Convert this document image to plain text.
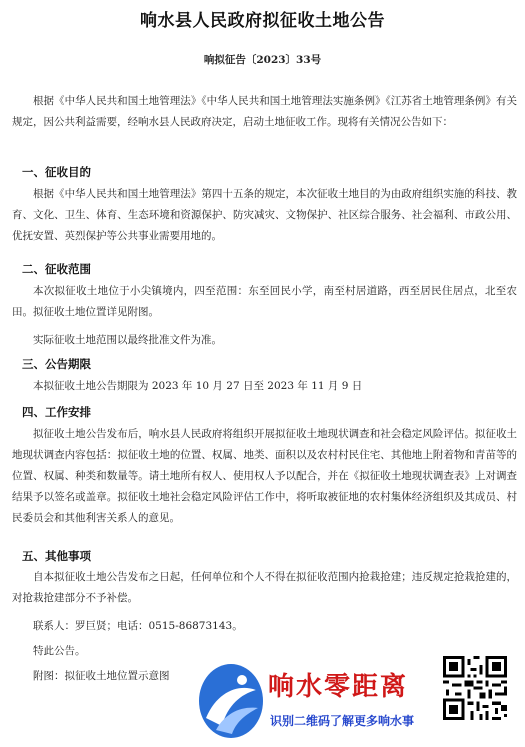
响水县人民政府拟征收土地公告
响拟征告〔2023〕33号
根据《中华人民共和国土地管理法》《中华人民共和国土地管理法实施条例》《江苏省土地管理条例》有关规定，因公共利益需要，经响水县人民政府决定，启动土地征收工作。现将有关情况公告如下：
一、征收目的
根据《中华人民共和国土地管理法》第四十五条的规定，本次征收土地目的为由政府组织实施的科技、教育、文化、卫生、体育、生态环境和资源保护、防灾减灾、文物保护、社区综合服务、社会福利、市政公用、优抚安置、英烈保护等公共事业需要用地的。
二、征收范围
本次拟征收土地位于小尖镇境内，四至范围：东至回民小学，南至村居道路，西至居民住居点，北至农田。拟征收土地位置详见附图。
实际征收土地范围以最终批准文件为准。
三、公告期限
本拟征收土地公告期限为 2023 年 10 月 27 日至 2023 年 11 月 9 日
四、工作安排
拟征收土地公告发布后，响水县人民政府将组织开展拟征收土地现状调查和社会稳定风险评估。拟征收土地现状调查内容包括：拟征收土地的位置、权属、地类、面积以及农村村民住宅、其他地上附着物和青苗等的位置、权属、种类和数量等。请土地所有权人、使用权人予以配合，并在《拟征收土地现状调查表》上对调查结果予以签名或盖章。拟征收土地社会稳定风险评估工作中，将听取被征地的农村集体经济组织及其成员、村民委员会和其他利害关系人的意见。
五、其他事项
自本拟征收土地公告发布之日起，任何单位和个人不得在拟征收范围内抢栽抢建；违反规定抢栽抢建的，对抢栽抢建部分不予补偿。
联系人：罗巨贤；电话：0515-86873143。
特此公告。
附图：拟征收土地位置示意图	响水零距离
识别二维码了解更多响水事
